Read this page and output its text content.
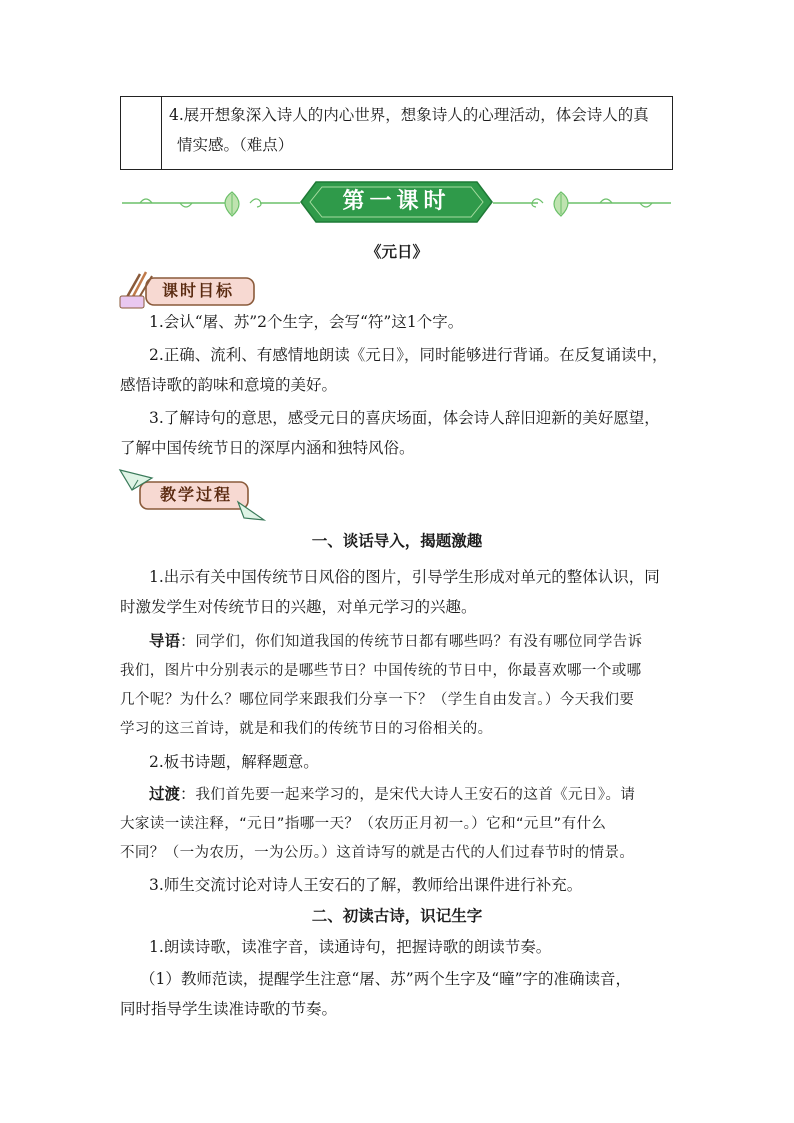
4.展开想象深入诗人的内心世界，想象诗人的心理活动，体会诗人的真
情实感。（难点）
第一课时
《元日》
课时目标
1.会认“屠、苏”2个生字，会写“符”这1个字。
2.正确、流利、有感情地朗读《元日》，同时能够进行背诵。在反复诵读中，
感悟诗歌的韵味和意境的美好。
3.了解诗句的意思，感受元日的喜庆场面，体会诗人辞旧迎新的美好愿望，
了解中国传统节日的深厚内涵和独特风俗。
教学过程
一、谈话导入，揭题激趣
1.出示有关中国传统节日风俗的图片，引导学生形成对单元的整体认识，同
时激发学生对传统节日的兴趣，对单元学习的兴趣。
导语：同学们，你们知道我国的传统节日都有哪些吗？有没有哪位同学告诉
我们，图片中分别表示的是哪些节日？中国传统的节日中，你最喜欢哪一个或哪
几个呢？为什么？哪位同学来跟我们分享一下？（学生自由发言。）今天我们要
学习的这三首诗，就是和我们的传统节日的习俗相关的。
2.板书诗题，解释题意。
过渡：我们首先要一起来学习的，是宋代大诗人王安石的这首《元日》。请
大家读一读注释，“元日”指哪一天？（农历正月初一。）它和“元旦”有什么
不同？（一为农历，一为公历。）这首诗写的就是古代的人们过春节时的情景。
3.师生交流讨论对诗人王安石的了解，教师给出课件进行补充。
二、初读古诗，识记生字
1.朗读诗歌，读准字音，读通诗句，把握诗歌的朗读节奏。
（1）教师范读，提醒学生注意“屠、苏”两个生字及“曈”字的准确读音，
同时指导学生读准诗歌的节奏。
